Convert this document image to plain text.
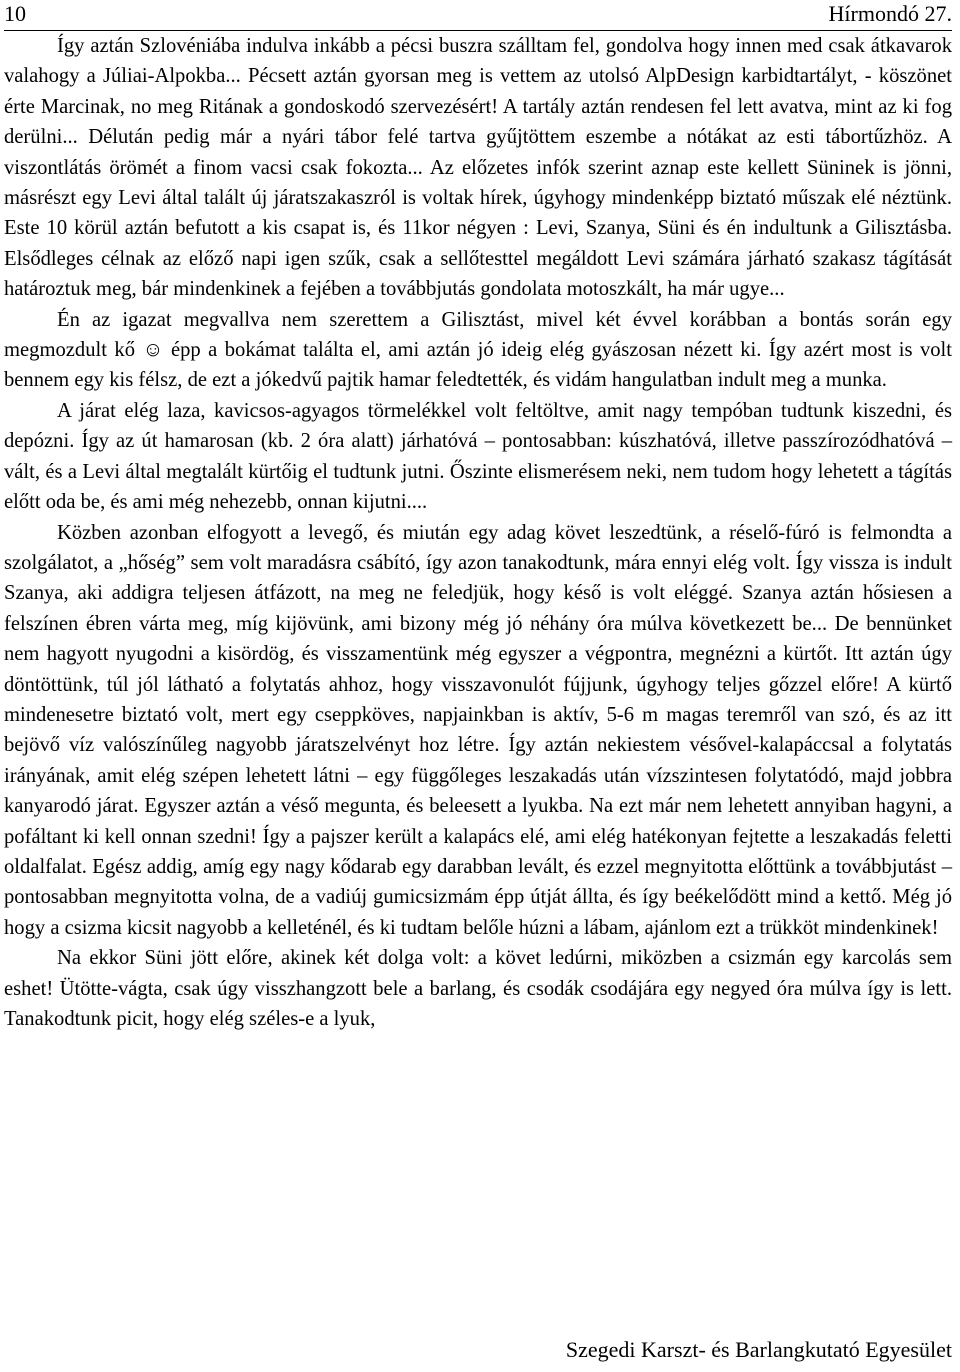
10	Hírmondó 27.

Így aztán Szlovéniába indulva inkább a pécsi buszra szálltam fel, gondolva hogy innen med csak átkavarok valahogy a Júliai-Alpokba... Pécsett aztán gyorsan meg is vettem az utolsó AlpDesign karbidtartályt, - köszönet érte Marcinak, no meg Ritának a gondoskodó szervezésért! A tartály aztán rendesen fel lett avatva, mint az ki fog derülni... Délután pedig már a nyári tábor felé tartva gyűjtöttem eszembe a nótákat az esti tábortűzhöz. A viszontlátás örömét a finom vacsi csak fokozta... Az előzetes infók szerint aznap este kellett Süninek is jönni, másrészt egy Levi által talált új járatszakaszról is voltak hírek, úgyhogy mindenképp biztató műszak elé néztünk. Este 10 körül aztán befutott a kis csapat is, és 11kor négyen : Levi, Szanya, Süni és én indultunk a Gilisztásba. Elsődleges célnak az előző napi igen szűk, csak a sellőtesttel megáldott Levi számára járható szakasz tágítását határoztuk meg, bár mindenkinek a fejében a továbbjutás gondolata motoszkált, ha már ugye...

Én az igazat megvallva nem szerettem a Gilisztást, mivel két évvel korábban a bontás során egy megmozdult kő ☺ épp a bokámat találta el, ami aztán jó ideig elég gyászosan nézett ki. Így azért most is volt bennem egy kis félsz, de ezt a jókedvű pajtik hamar feledtették, és vidám hangulatban indult meg a munka.

A járat elég laza, kavicsos-agyagos törmelékkel volt feltöltve, amit nagy tempóban tudtunk kiszedni, és depózni. Így az út hamarosan (kb. 2 óra alatt) járhatóvá – pontosabban: kúszhatóvá, illetve passzírozódhatóvá – vált, és a Levi által megtalált kürtőig el tudtunk jutni. Őszinte elismerésem neki, nem tudom hogy lehetett a tágítás előtt oda be, és ami még nehezebb, onnan kijutni....

Közben azonban elfogyott a levegő, és miután egy adag követ leszedtünk, a réselő-fúró is felmondta a szolgálatot, a „hőség” sem volt maradásra csábító, így azon tanakodtunk, mára ennyi elég volt. Így vissza is indult Szanya, aki addigra teljesen átfázott, na meg ne feledjük, hogy késő is volt eléggé. Szanya aztán hősiesen a felszínen ébren várta meg, míg kijövünk, ami bizony még jó néhány óra múlva következett be... De bennünket nem hagyott nyugodni a kisördög, és visszamentünk még egyszer a végpontra, megnézni a kürtőt. Itt aztán úgy döntöttünk, túl jól látható a folytatás ahhoz, hogy visszavonulót fújjunk, úgyhogy teljes gőzzel előre! A kürtő mindenesetre biztató volt, mert egy cseppköves, napjainkban is aktív, 5-6 m magas teremről van szó, és az itt bejövő víz valószínűleg nagyobb járatszelvényt hoz létre. Így aztán nekiestem vésővel-kalapáccsal a folytatás irányának, amit elég szépen lehetett látni – egy függőleges leszakadás után vízszintesen folytatódó, majd jobbra kanyarodó járat. Egyszer aztán a véső megunta, és beleesett a lyukba. Na ezt már nem lehetett annyiban hagyni, a pofáltant ki kell onnan szedni! Így a pajszer került a kalapács elé, ami elég hatékonyan fejtette a leszakadás feletti oldalfalat. Egész addig, amíg egy nagy kődarab egy darabban levált, és ezzel megnyitotta előttünk a továbbjutást – pontosabban megnyitotta volna, de a vadiúj gumicsizmám épp útját állta, és így beékelődött mind a kettő. Még jó hogy a csizma kicsit nagyobb a kelleténél, és ki tudtam belőle húzni a lábam, ajánlom ezt a trükköt mindenkinek!

Na ekkor Süni jött előre, akinek két dolga volt: a követ ledúrni, miközben a csizmán egy karcolás sem eshet! Ütötte-vágta, csak úgy visszhangzott bele a barlang, és csodák csodájára egy negyed óra múlva így is lett. Tanakodtunk picit, hogy elég széles-e a lyuk,

Szegedi Karszt- és Barlangkutató Egyesület
